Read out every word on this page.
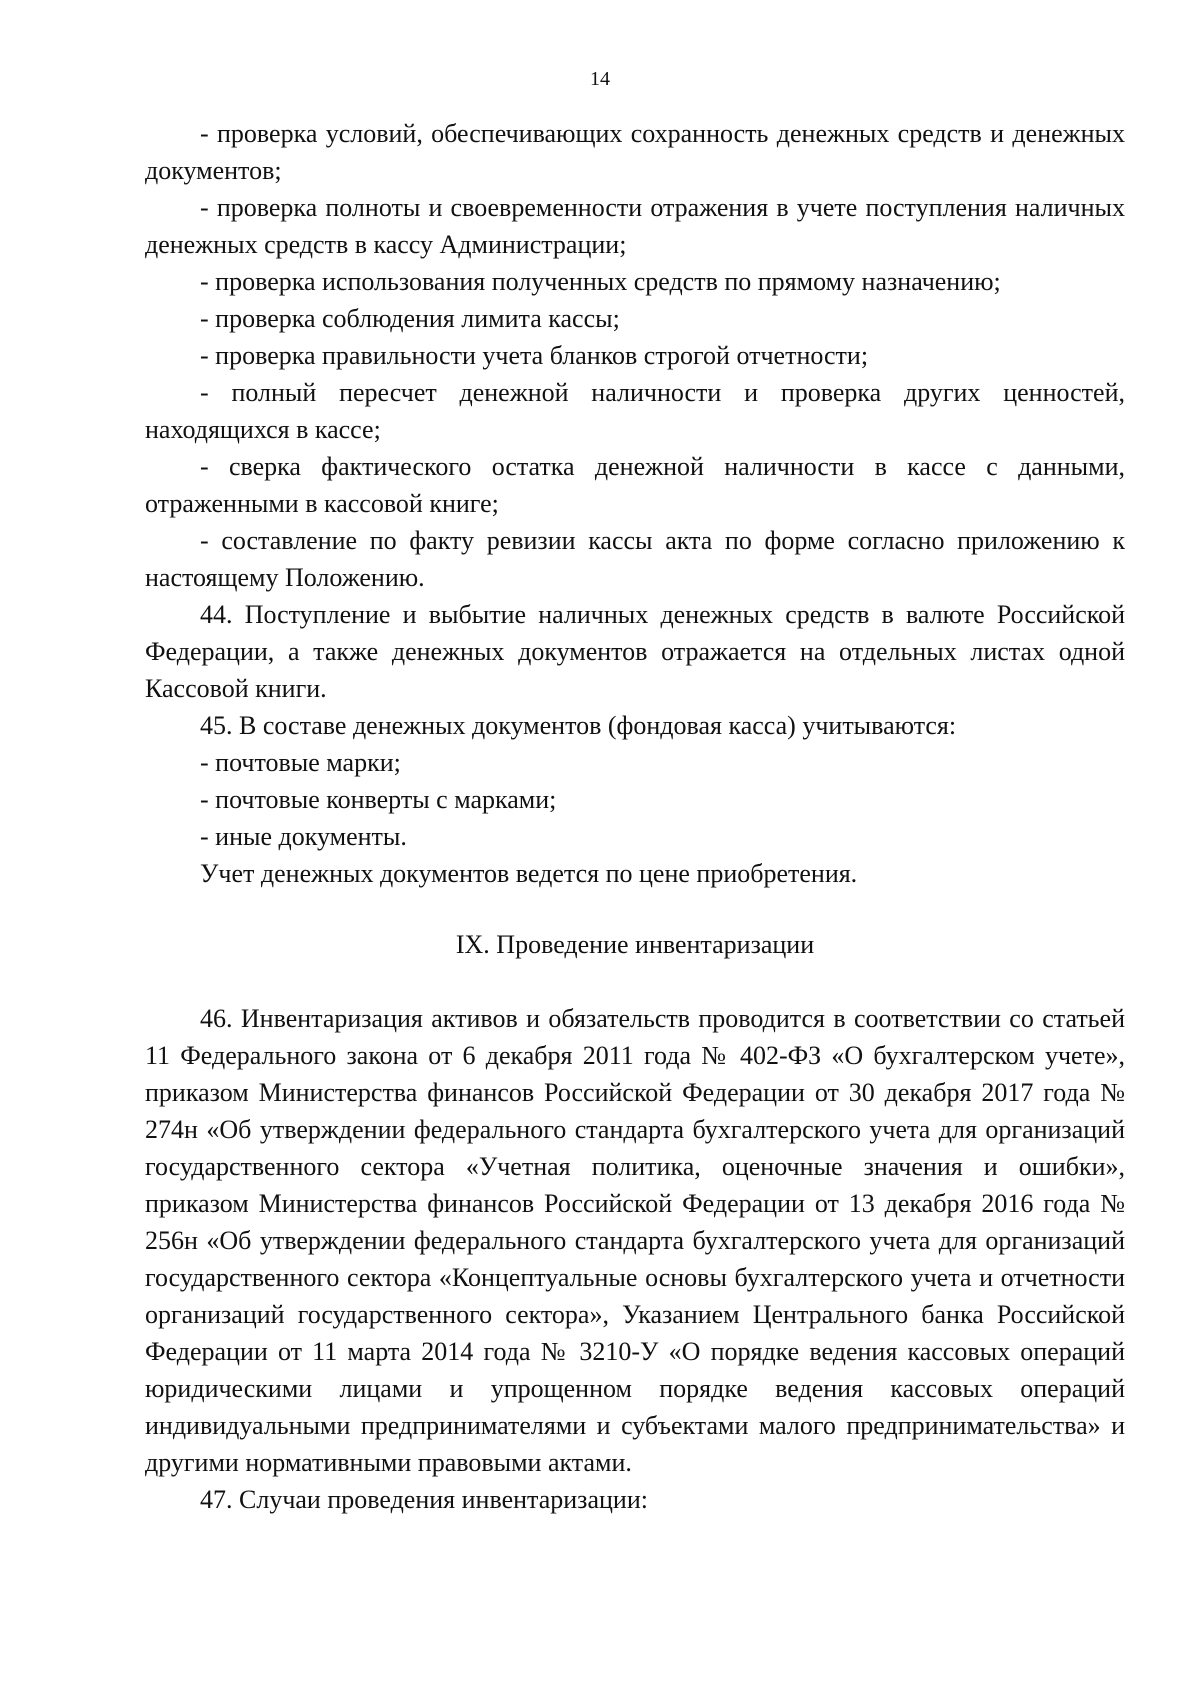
14

- проверка условий, обеспечивающих сохранность денежных средств и денежных документов;

- проверка полноты и своевременности отражения в учете поступления наличных денежных средств в кассу Администрации;

- проверка использования полученных средств по прямому назначению;

- проверка соблюдения лимита кассы;

- проверка правильности учета бланков строгой отчетности;

- полный пересчет денежной наличности и проверка других ценностей, находящихся в кассе;

- сверка фактического остатка денежной наличности в кассе с данными, отраженными в кассовой книге;

- составление по факту ревизии кассы акта по форме согласно приложению к настоящему Положению.

44. Поступление и выбытие наличных денежных средств в валюте Российской Федерации, а также денежных документов отражается на отдельных листах одной Кассовой книги.

45. В составе денежных документов (фондовая касса) учитываются:

- почтовые марки;

- почтовые конверты с марками;

- иные документы.

Учет денежных документов ведется по цене приобретения.

IX. Проведение инвентаризации

46. Инвентаризация активов и обязательств проводится в соответствии со статьей 11 Федерального закона от 6 декабря 2011 года № 402-ФЗ «О бухгалтерском учете», приказом Министерства финансов Российской Федерации от 30 декабря 2017 года № 274н «Об утверждении федерального стандарта бухгалтерского учета для организаций государственного сектора «Учетная политика, оценочные значения и ошибки», приказом Министерства финансов Российской Федерации от 13 декабря 2016 года № 256н «Об утверждении федерального стандарта бухгалтерского учета для организаций государственного сектора «Концептуальные основы бухгалтерского учета и отчетности организаций государственного сектора», Указанием Центрального банка Российской Федерации от 11 марта 2014 года № 3210-У «О порядке ведения кассовых операций юридическими лицами и упрощенном порядке ведения кассовых операций индивидуальными предпринимателями и субъектами малого предпринимательства» и другими нормативными правовыми актами.

47. Случаи проведения инвентаризации:
